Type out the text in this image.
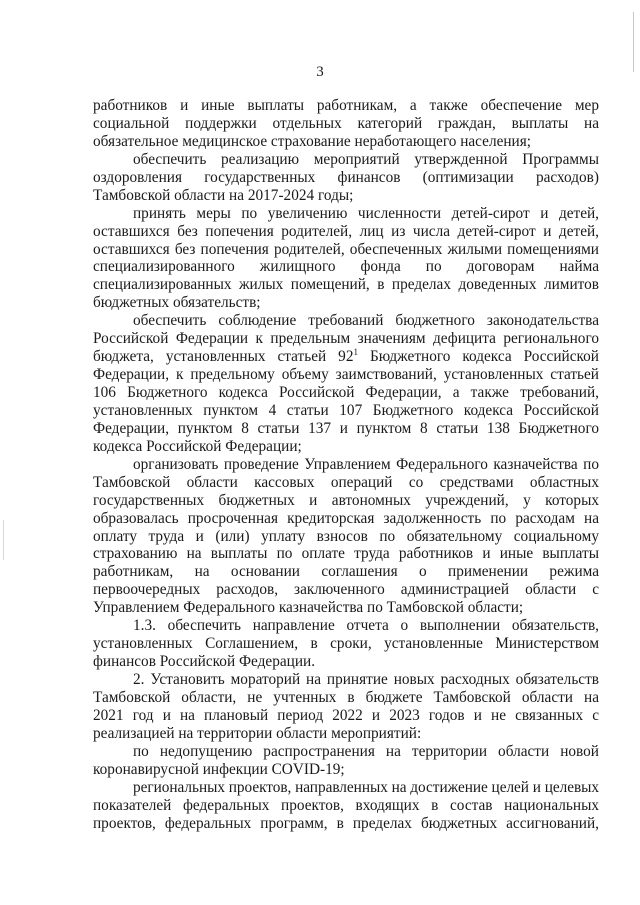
3
работников и иные выплаты работникам, а также обеспечение мер
социальной поддержки отдельных категорий граждан, выплаты на
обязательное медицинское страхование неработающего населения;
обеспечить реализацию мероприятий утвержденной Программы
оздоровления государственных финансов (оптимизации расходов)
Тамбовской области на 2017-2024 годы;
принять меры по увеличению численности детей-сирот и детей,
оставшихся без попечения родителей, лиц из числа детей-сирот и детей,
оставшихся без попечения родителей, обеспеченных жилыми помещениями
специализированного жилищного фонда по договорам найма
специализированных жилых помещений, в пределах доведенных лимитов
бюджетных обязательств;
обеспечить соблюдение требований бюджетного законодательства
Российской Федерации к предельным значениям дефицита регионального
бюджета, установленных статьей $92^1$ Бюджетного кодекса Российской
Федерации, к предельному объему заимствований, установленных статьей
106 Бюджетного кодекса Российской Федерации, а также требований,
установленных пунктом 4 статьи 107 Бюджетного кодекса Российской
Федерации, пунктом 8 статьи 137 и пунктом 8 статьи 138 Бюджетного
кодекса Российской Федерации;
организовать проведение Управлением Федерального казначейства по
Тамбовской области кассовых операций со средствами областных
государственных бюджетных и автономных учреждений, у которых
образовалась просроченная кредиторская задолженность по расходам на
оплату труда и (или) уплату взносов по обязательному социальному
страхованию на выплаты по оплате труда работников и иные выплаты
работникам, на основании соглашения о применении режима
первоочередных расходов, заключенного администрацией области с
Управлением Федерального казначейства по Тамбовской области;
1.3. обеспечить направление отчета о выполнении обязательств,
установленных Соглашением, в сроки, установленные Министерством
финансов Российской Федерации.
2. Установить мораторий на принятие новых расходных обязательств
Тамбовской области, не учтенных в бюджете Тамбовской области на
2021 год и на плановый период 2022 и 2023 годов и не связанных с
реализацией на территории области мероприятий:
по недопущению распространения на территории области новой
коронавирусной инфекции COVID-19;
региональных проектов, направленных на достижение целей и целевых
показателей федеральных проектов, входящих в состав национальных
проектов, федеральных программ, в пределах бюджетных ассигнований,
